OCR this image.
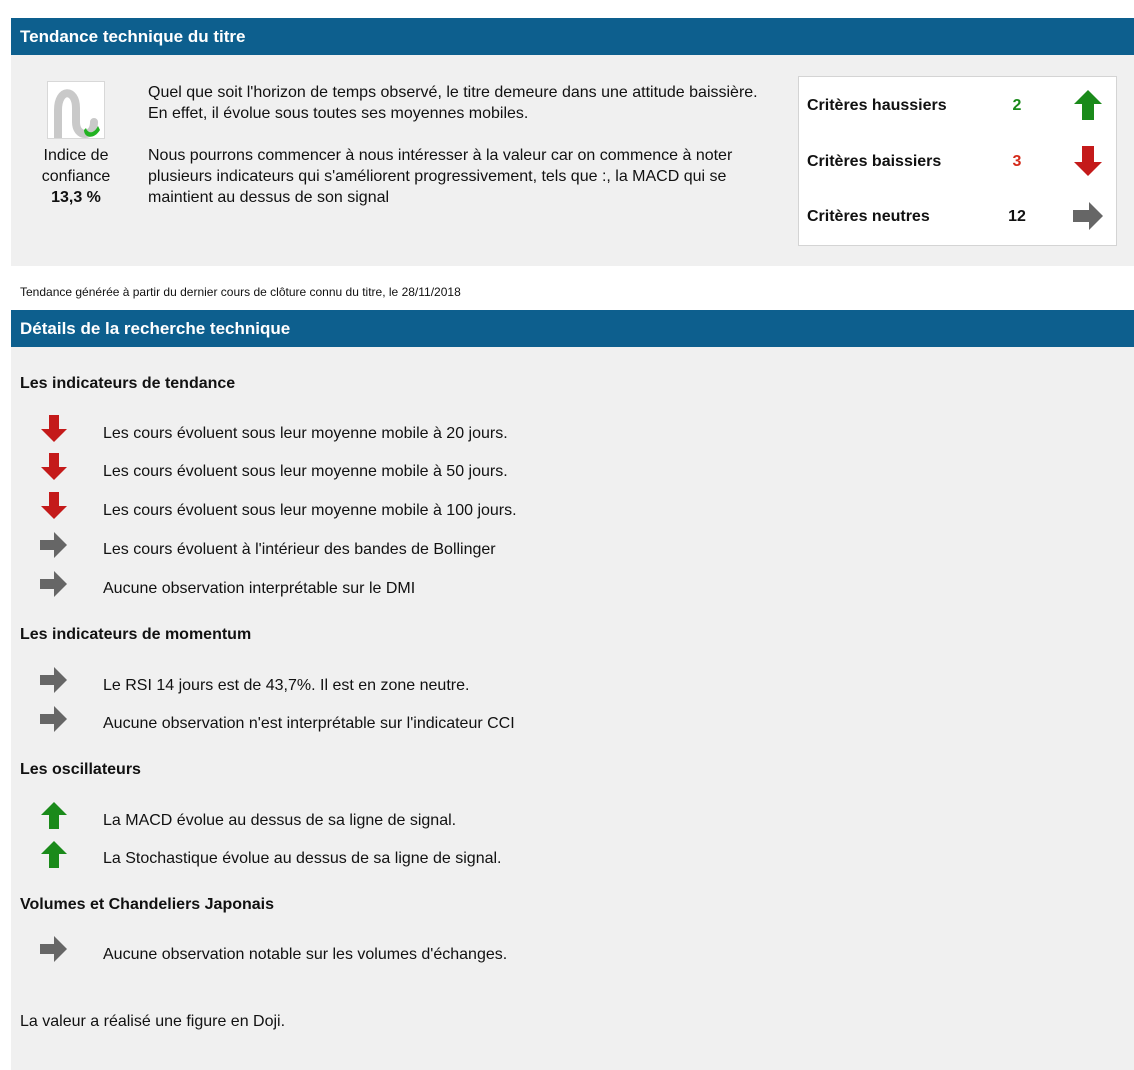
Tendance technique du titre
Indice de
confiance
13,3 %
Quel que soit l'horizon de temps observé, le titre demeure dans une attitude baissière. En effet, il évolue sous toutes ses moyennes mobiles.
Nous pourrons commencer à nous intéresser à la valeur car on commence à noter plusieurs indicateurs qui s'améliorent progressivement, tels que :, la MACD qui se maintient au dessus de son signal
Critères haussiers	2
Critères baissiers	3
Critères neutres	12
Tendance générée à partir du dernier cours de clôture connu du titre, le 28/11/2018
Détails de la recherche technique
Les indicateurs de tendance
Les cours évoluent sous leur moyenne mobile à 20 jours.
Les cours évoluent sous leur moyenne mobile à 50 jours.
Les cours évoluent sous leur moyenne mobile à 100 jours.
Les cours évoluent à l'intérieur des bandes de Bollinger
Aucune observation interprétable sur le DMI
Les indicateurs de momentum
Le RSI 14 jours est de 43,7%. Il est en zone neutre.
Aucune observation n'est interprétable sur l'indicateur CCI
Les oscillateurs
La MACD évolue au dessus de sa ligne de signal.
La Stochastique évolue au dessus de sa ligne de signal.
Volumes et Chandeliers Japonais
Aucune observation notable sur les volumes d'échanges.
La valeur a réalisé une figure en Doji.
